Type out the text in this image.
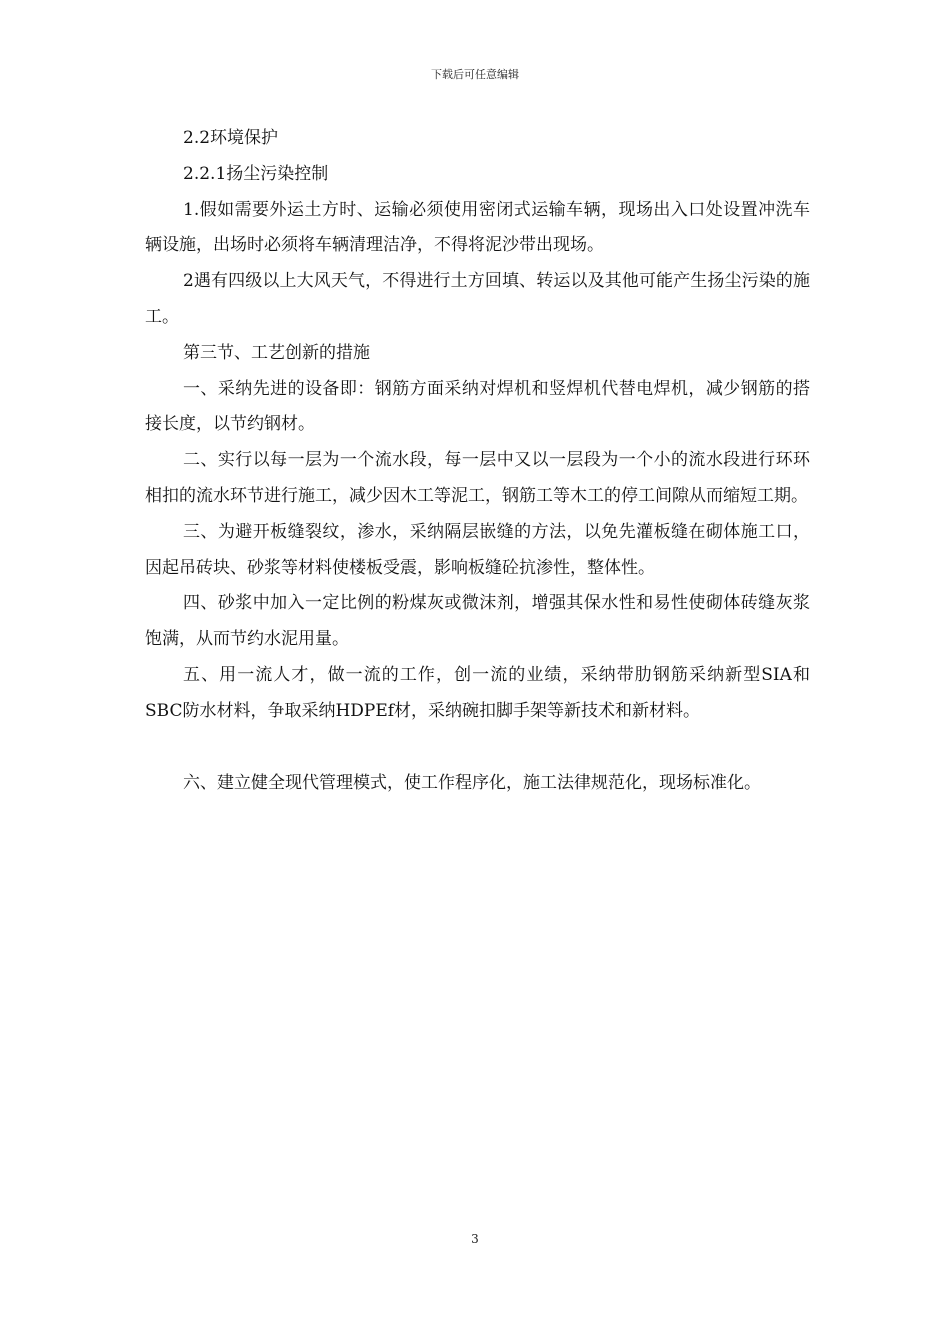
下载后可任意编辑

2.2环境保护

2.2.1扬尘污染控制

1.假如需要外运土方时、运输必须使用密闭式运输车辆，现场出入口处设置冲洗车辆设施，出场时必须将车辆清理洁净，不得将泥沙带出现场。

2遇有四级以上大风天气，不得进行土方回填、转运以及其他可能产生扬尘污染的施工。

第三节、工艺创新的措施

一、采纳先进的设备即：钢筋方面采纳对焊机和竖焊机代替电焊机，减少钢筋的搭接长度，以节约钢材。

二、实行以每一层为一个流水段，每一层中又以一层段为一个小的流水段进行环环相扣的流水环节进行施工，减少因木工等泥工，钢筋工等木工的停工间隙从而缩短工期。

三、为避开板缝裂纹，渗水，采纳隔层嵌缝的方法，以免先灌板缝在砌体施工口，因起吊砖块、砂浆等材料使楼板受震，影响板缝砼抗渗性，整体性。

四、砂浆中加入一定比例的粉煤灰或微沫剂，增强其保水性和易性使砌体砖缝灰浆饱满，从而节约水泥用量。

五、用一流人才，做一流的工作，创一流的业绩，采纳带肋钢筋采纳新型SIA和SBC防水材料，争取采纳HDPEf材，采纳碗扣脚手架等新技术和新材料。

六、建立健全现代管理模式，使工作程序化，施工法律规范化，现场标准化。

3
